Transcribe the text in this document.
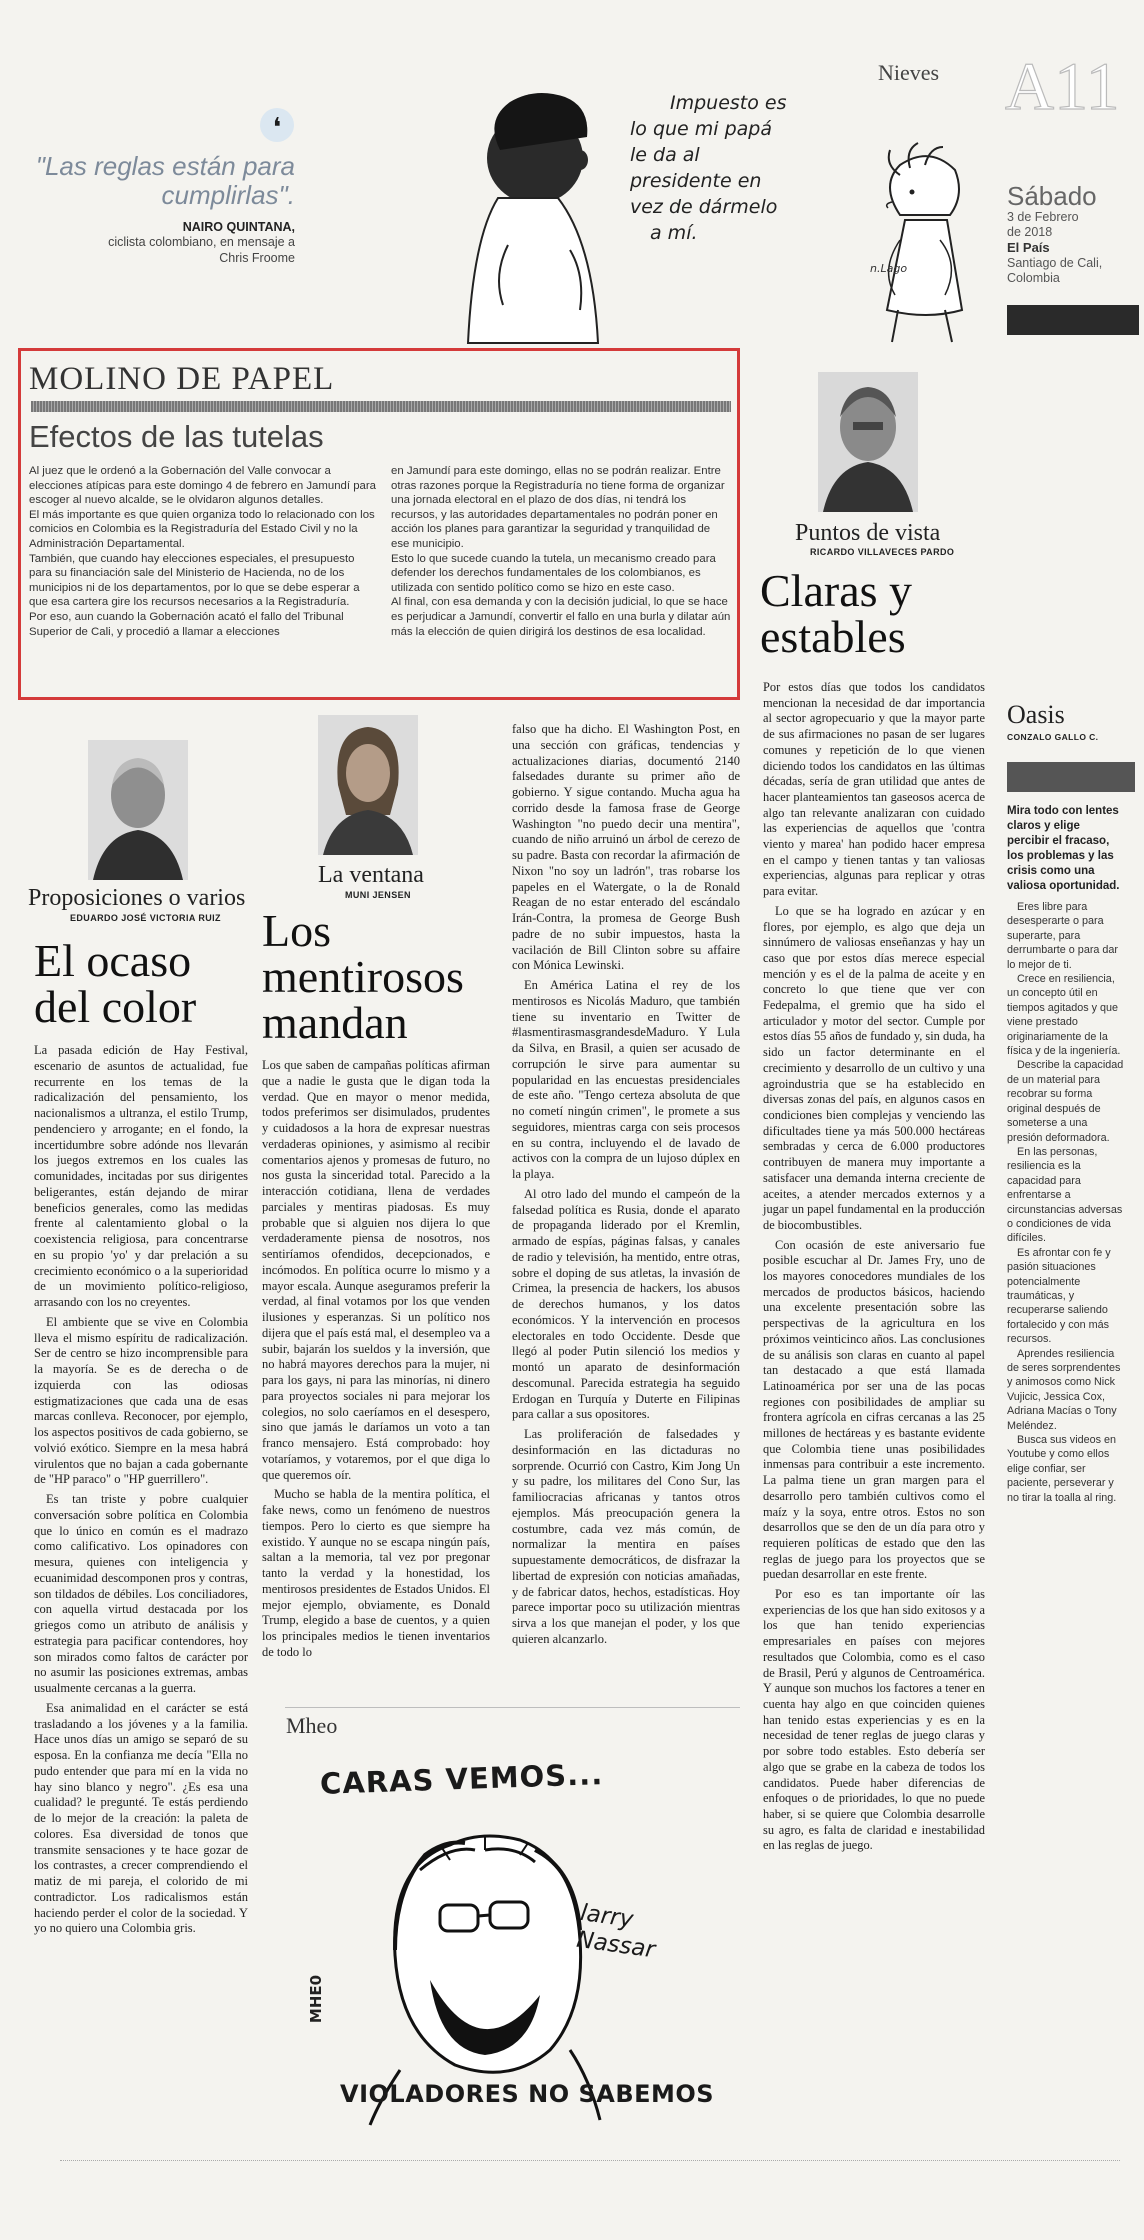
Nieves A11
Sábado
3 de Febrero de 2018
El País
Santiago de Cali, Colombia
❛
"Las reglas están para cumplirlas".
NAIRO QUINTANA,
ciclista colombiano, en mensaje a Chris Froome
Impuesto es
lo que mi papá
le da al
presidente en
vez de dármelo
a mí.
n.Lago
MOLINO DE PAPEL
Efectos de las tutelas

Al juez que le ordenó a la Gobernación del Valle convocar a elecciones atípicas para este domingo 4 de febrero en Jamundí para escoger al nuevo alcalde, se le olvidaron algunos detalles.

El más importante es que quien organiza todo lo relacionado con los comicios en Colombia es la Registraduría del Estado Civil y no la Administración Departamental.

También, que cuando hay elecciones especiales, el presupuesto para su financiación sale del Ministerio de Hacienda, no de los municipios ni de los departamentos, por lo que se debe esperar a que esa cartera gire los recursos necesarios a la Registraduría.

Por eso, aun cuando la Gobernación acató el fallo del Tribunal Superior de Cali, y procedió a llamar a elecciones

en Jamundí para este domingo, ellas no se podrán realizar. Entre otras razones porque la Registraduría no tiene forma de organizar una jornada electoral en el plazo de dos días, ni tendrá los recursos, y las autoridades departamentales no podrán poner en acción los planes para garantizar la seguridad y tranquilidad de ese municipio.

Esto lo que sucede cuando la tutela, un mecanismo creado para defender los derechos fundamentales de los colombianos, es utilizada con sentido político como se hizo en este caso.

Al final, con esa demanda y con la decisión judicial, lo que se hace es perjudicar a Jamundí, convertir el fallo en una burla y dilatar aún más la elección de quien dirigirá los destinos de esa localidad.

Puntos de vista
RICARDO VILLAVECES PARDO
Claras y estables

Por estos días que todos los candidatos mencionan la necesidad de dar importancia al sector agropecuario y que la mayor parte de sus afirmaciones no pasan de ser lugares comunes y repetición de lo que vienen diciendo todos los candidatos en las últimas décadas, sería de gran utilidad que antes de hacer planteamientos tan gaseosos acerca de algo tan relevante analizaran con cuidado las experiencias de aquellos que 'contra viento y marea' han podido hacer empresa en el campo y tienen tantas y tan valiosas experiencias, algunas para replicar y otras para evitar.

Lo que se ha logrado en azúcar y en flores, por ejemplo, es algo que deja un sinnúmero de valiosas enseñanzas y hay un caso que por estos días merece especial mención y es el de la palma de aceite y en concreto lo que tiene que ver con Fedepalma, el gremio que ha sido el articulador y motor del sector. Cumple por estos días 55 años de fundado y, sin duda, ha sido un factor determinante en el crecimiento y desarrollo de un cultivo y una agroindustria que se ha establecido en diversas zonas del país, en algunos casos en condiciones bien complejas y venciendo las dificultades tiene ya más 500.000 hectáreas sembradas y cerca de 6.000 productores contribuyen de manera muy importante a satisfacer una demanda interna creciente de aceites, a atender mercados externos y a jugar un papel fundamental en la producción de biocombustibles.

Con ocasión de este aniversario fue posible escuchar al Dr. James Fry, uno de los mayores conocedores mundiales de los mercados de productos básicos, haciendo una excelente presentación sobre las perspectivas de la agricultura en los próximos veinticinco años. Las conclusiones de su análisis son claras en cuanto al papel tan destacado a que está llamada Latinoamérica por ser una de las pocas regiones con posibilidades de ampliar su frontera agrícola en cifras cercanas a las 25 millones de hectáreas y es bastante evidente que Colombia tiene unas posibilidades inmensas para contribuir a este incremento. La palma tiene un gran margen para el desarrollo pero también cultivos como el maíz y la soya, entre otros. Estos no son desarrollos que se den de un día para otro y requieren políticas de estado que den las reglas de juego para los proyectos que se puedan desarrollar en este frente.

Por eso es tan importante oír las experiencias de los que han sido exitosos y a los que han tenido experiencias empresariales en países con mejores resultados que Colombia, como es el caso de Brasil, Perú y algunos de Centroamérica. Y aunque son muchos los factores a tener en cuenta hay algo en que coinciden quienes han tenido estas experiencias y es en la necesidad de tener reglas de juego claras y por sobre todo estables. Esto debería ser algo que se grabe en la cabeza de todos los candidatos. Puede haber diferencias de enfoques o de prioridades, lo que no puede haber, si se quiere que Colombia desarrolle su agro, es falta de claridad e inestabilidad en las reglas de juego.

Oasis
CONZALO GALLO C.
Mira todo con lentes claros y elige percibir el fracaso, los problemas y las crisis como una valiosa oportunidad.

Eres libre para desesperarte o para superarte, para derrumbarte o para dar lo mejor de ti.

Crece en resiliencia, un concepto útil en tiempos agitados y que viene prestado originariamente de la física y de la ingeniería.

Describe la capacidad de un material para recobrar su forma original después de someterse a una presión deformadora.

En las personas, resiliencia es la capacidad para enfrentarse a circunstancias adversas o condiciones de vida difíciles.

Es afrontar con fe y pasión situaciones potencialmente traumáticas, y recuperarse saliendo fortalecido y con más recursos.

Aprendes resiliencia de seres sorprendentes y animosos como Nick Vujicic, Jessica Cox, Adriana Macías o Tony Meléndez.

Busca sus videos en Youtube y como ellos elige confiar, ser paciente, perseverar y no tirar la toalla al ring.

Proposiciones o varios
EDUARDO JOSÉ VICTORIA RUIZ
El ocaso del color

La pasada edición de Hay Festival, escenario de asuntos de actualidad, fue recurrente en los temas de la radicalización del pensamiento, los nacionalismos a ultranza, el estilo Trump, pendenciero y arrogante; en el fondo, la incertidumbre sobre adónde nos llevarán los juegos extremos en los cuales las comunidades, incitadas por sus dirigentes beligerantes, están dejando de mirar beneficios generales, como las medidas frente al calentamiento global o la coexistencia religiosa, para concentrarse en su propio 'yo' y dar prelación a su crecimiento económico o a la superioridad de un movimiento político-religioso, arrasando con los no creyentes.

El ambiente que se vive en Colombia lleva el mismo espíritu de radicalización. Ser de centro se hizo incomprensible para la mayoría. Se es de derecha o de izquierda con las odiosas estigmatizaciones que cada una de esas marcas conlleva. Reconocer, por ejemplo, los aspectos positivos de cada gobierno, se volvió exótico. Siempre en la mesa habrá virulentos que no bajan a cada gobernante de "HP paraco" o "HP guerrillero".

Es tan triste y pobre cualquier conversación sobre política en Colombia que lo único en común es el madrazo como calificativo. Los opinadores con mesura, quienes con inteligencia y ecuanimidad descomponen pros y contras, son tildados de débiles. Los conciliadores, con aquella virtud destacada por los griegos como un atributo de análisis y estrategia para pacificar contendores, hoy son mirados como faltos de carácter por no asumir las posiciones extremas, ambas usualmente cercanas a la guerra.

Esa animalidad en el carácter se está trasladando a los jóvenes y a la familia. Hace unos días un amigo se separó de su esposa. En la confianza me decía "Ella no pudo entender que para mí en la vida no hay sino blanco y negro". ¿Es esa una cualidad? le pregunté. Te estás perdiendo de lo mejor de la creación: la paleta de colores. Esa diversidad de tonos que transmite sensaciones y te hace gozar de los contrastes, a crecer comprendiendo el matiz de mi pareja, el colorido de mi contradictor. Los radicalismos están haciendo perder el color de la sociedad. Y yo no quiero una Colombia gris.

La ventana
MUNI JENSEN
Los mentirosos mandan

Los que saben de campañas políticas afirman que a nadie le gusta que le digan toda la verdad. Que en mayor o menor medida, todos preferimos ser disimulados, prudentes y cuidadosos a la hora de expresar nuestras verdaderas opiniones, y asimismo al recibir comentarios ajenos y promesas de futuro, no nos gusta la sinceridad total. Parecido a la interacción cotidiana, llena de verdades parciales y mentiras piadosas. Es muy probable que si alguien nos dijera lo que verdaderamente piensa de nosotros, nos sentiríamos ofendidos, decepcionados, e incómodos. En política ocurre lo mismo y a mayor escala. Aunque aseguramos preferir la verdad, al final votamos por los que venden ilusiones y esperanzas. Si un político nos dijera que el país está mal, el desempleo va a subir, bajarán los sueldos y la inversión, que no habrá mayores derechos para la mujer, ni para los gays, ni para las minorías, ni dinero para proyectos sociales ni para mejorar los colegios, no solo caeríamos en el desespero, sino que jamás le daríamos un voto a tan franco mensajero. Está comprobado: hoy votaríamos, y votaremos, por el que diga lo que queremos oír.

Mucho se habla de la mentira política, el fake news, como un fenómeno de nuestros tiempos. Pero lo cierto es que siempre ha existido. Y aunque no se escapa ningún país, saltan a la memoria, tal vez por pregonar tanto la verdad y la honestidad, los mentirosos presidentes de Estados Unidos. El mejor ejemplo, obviamente, es Donald Trump, elegido a base de cuentos, y a quien los principales medios le tienen inventarios de todo lo

falso que ha dicho. El Washington Post, en una sección con gráficas, tendencias y actualizaciones diarias, documentó 2140 falsedades durante su primer año de gobierno. Y sigue contando. Mucha agua ha corrido desde la famosa frase de George Washington "no puedo decir una mentira", cuando de niño arruinó un árbol de cerezo de su padre. Basta con recordar la afirmación de Nixon "no soy un ladrón", tras robarse los papeles en el Watergate, o la de Ronald Reagan de no estar enterado del escándalo Irán-Contra, la promesa de George Bush padre de no subir impuestos, hasta la vacilación de Bill Clinton sobre su affaire con Mónica Lewinski.

En América Latina el rey de los mentirosos es Nicolás Maduro, que también tiene su inventario en Twitter de #lasmentirasmasgrandesdeMaduro. Y Lula da Silva, en Brasil, a quien ser acusado de corrupción le sirve para aumentar su popularidad en las encuestas presidenciales de este año. "Tengo certeza absoluta de que no cometí ningún crimen", le promete a sus seguidores, mientras carga con seis procesos en su contra, incluyendo el de lavado de activos con la compra de un lujoso dúplex en la playa.

Al otro lado del mundo el campeón de la falsedad política es Rusia, donde el aparato de propaganda liderado por el Kremlin, armado de espías, páginas falsas, y canales de radio y televisión, ha mentido, entre otras, sobre el doping de sus atletas, la invasión de Crimea, la presencia de hackers, los abusos de derechos humanos, y los datos económicos. Y la intervención en procesos electorales en todo Occidente. Desde que llegó al poder Putin silenció los medios y montó un aparato de desinformación descomunal. Parecida estrategia ha seguido Erdogan en Turquía y Duterte en Filipinas para callar a sus opositores.

Las proliferación de falsedades y desinformación en las dictaduras no sorprende. Ocurrió con Castro, Kim Jong Un y su padre, los militares del Cono Sur, las familiocracias africanas y tantos otros ejemplos. Más preocupación genera la costumbre, cada vez más común, de normalizar la mentira en países supuestamente democráticos, de disfrazar la libertad de expresión con noticias amañadas, y de fabricar datos, hechos, estadísticas. Hoy parece importar poco su utilización mientras sirva a los que manejan el poder, y los que quieren alcanzarlo.

Mheo
CARAS VEMOS...
larry Nassar
MHE0
VIOLADORES NO SABEMOS
